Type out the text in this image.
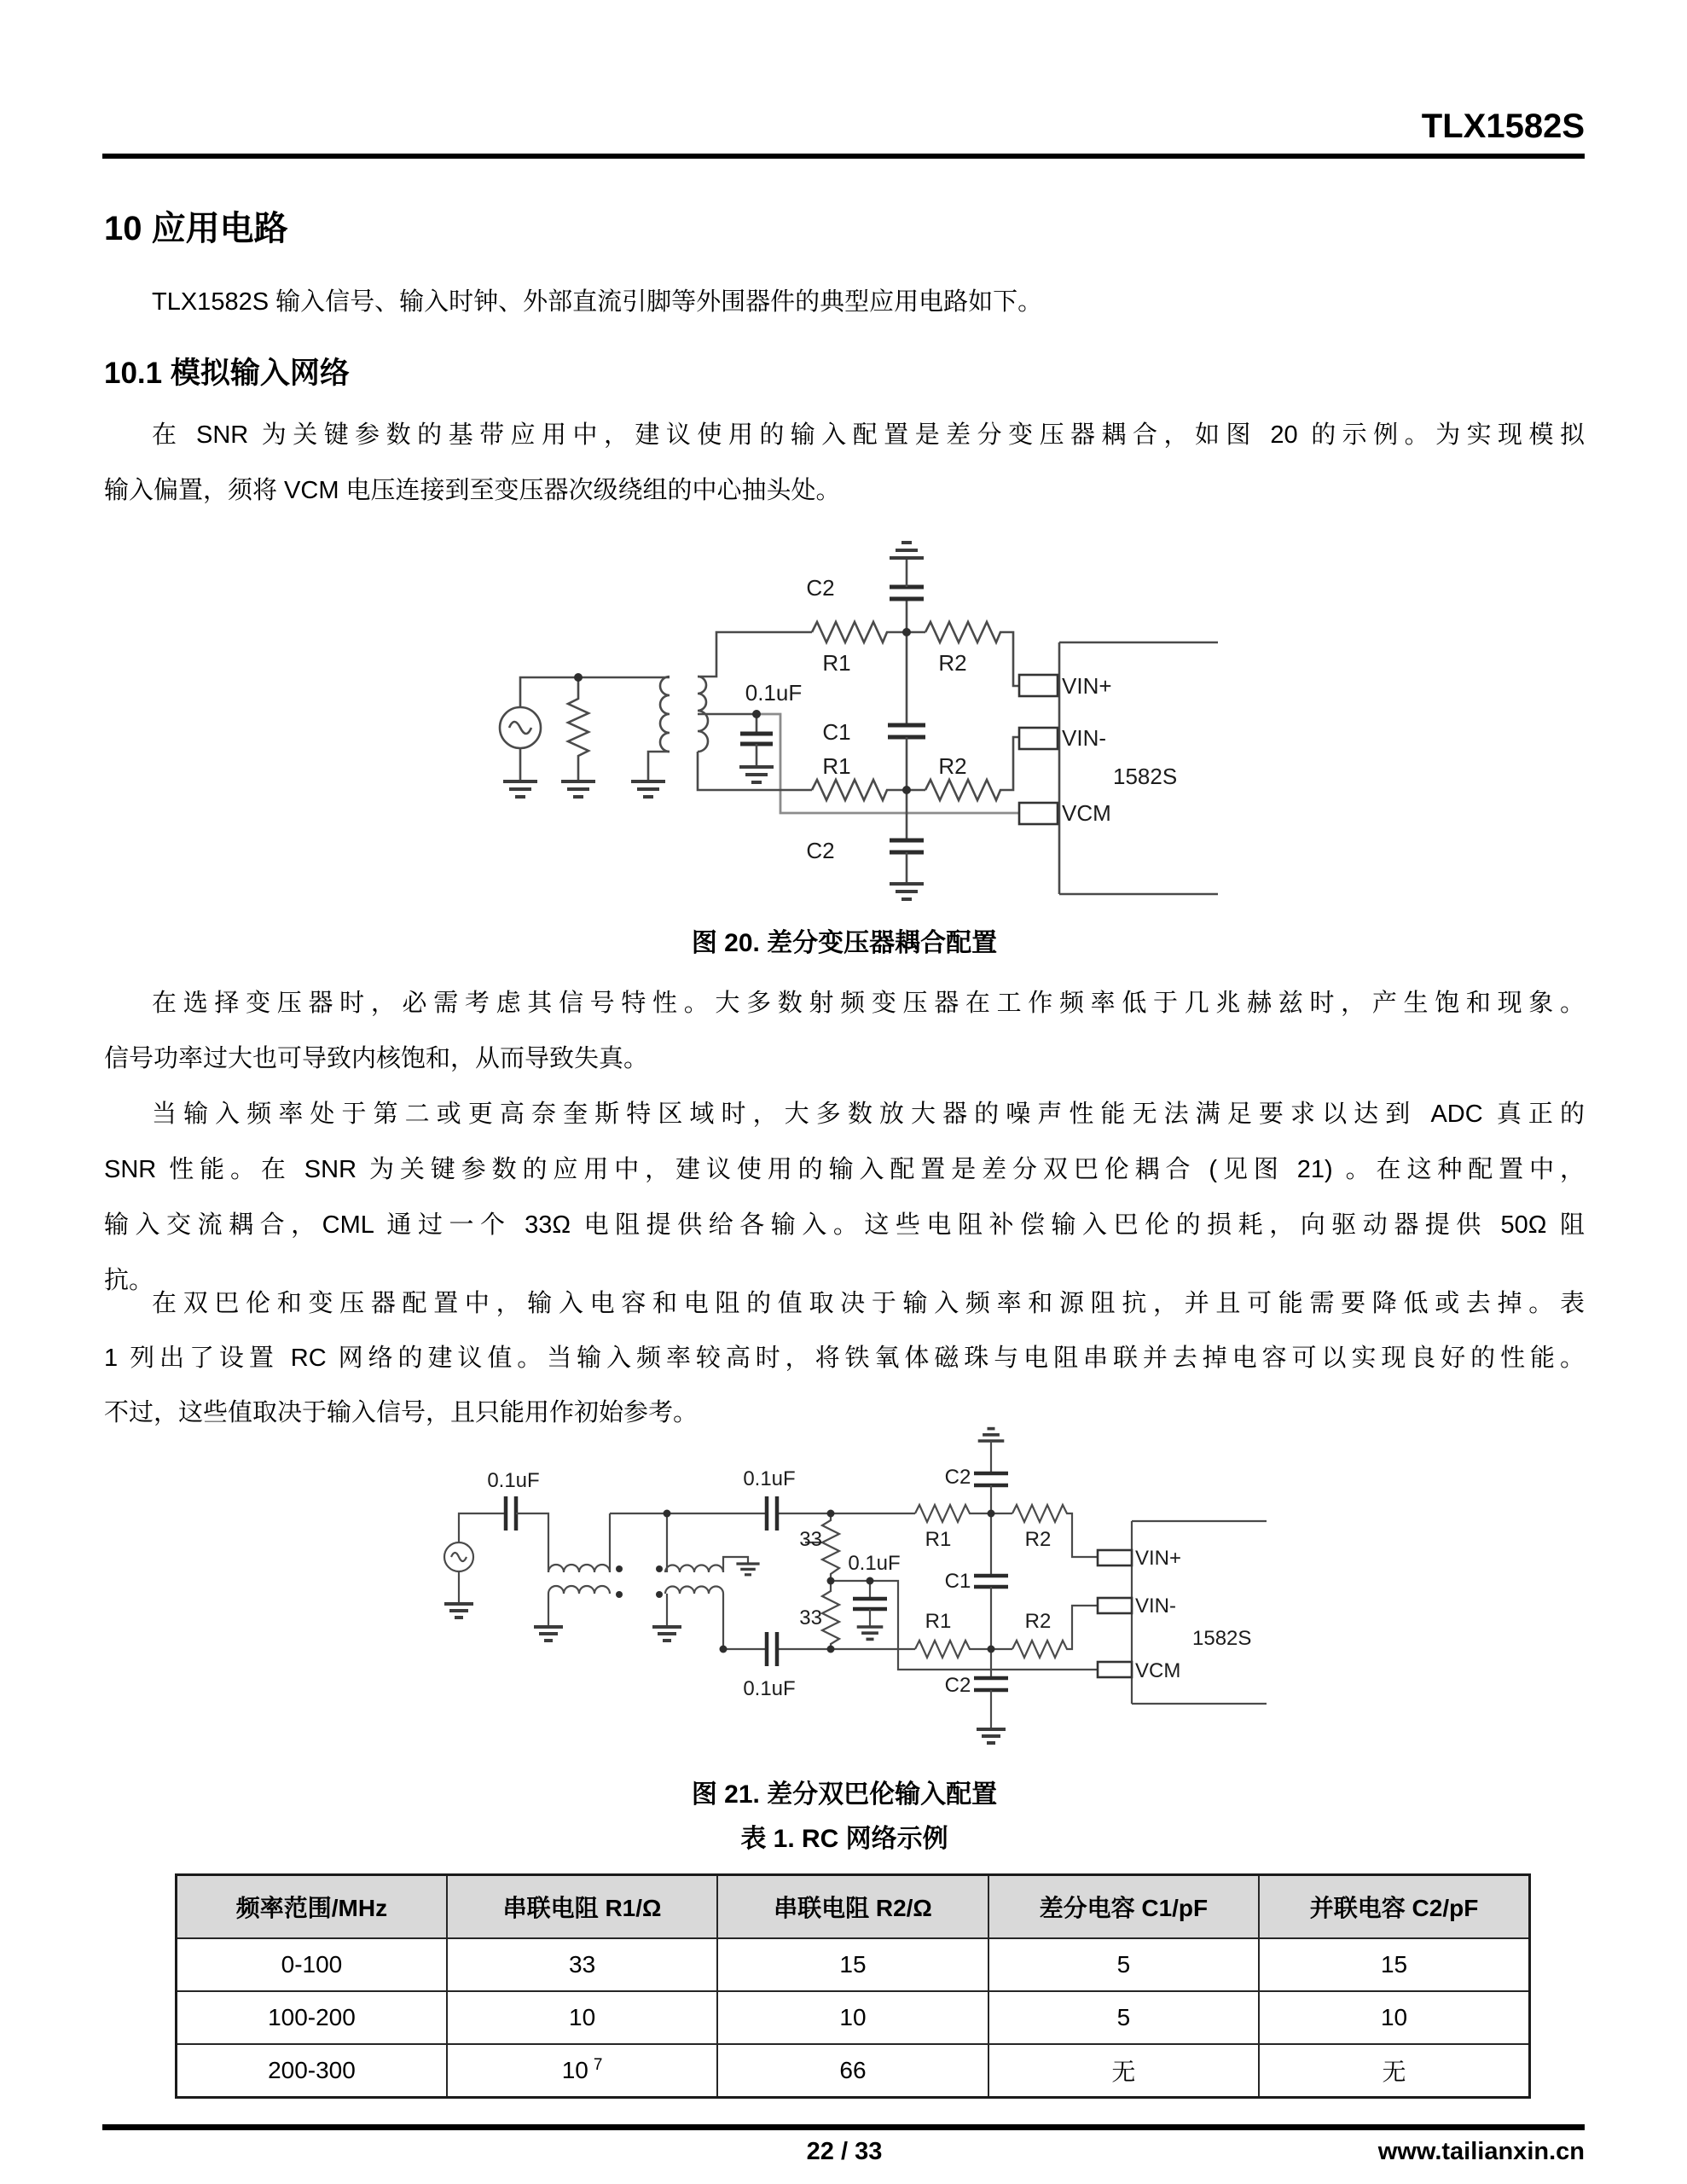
TLX1582S
10 应用电路
TLX1582S 输入信号、输入时钟、外部直流引脚等外围器件的典型应用电路如下。
10.1 模拟输入网络
在 SNR 为关键参数的基带应用中，建议使用的输入配置是差分变压器耦合，如图 20 的示例。为实现模拟
输入偏置，须将 VCM 电压连接到至变压器次级绕组的中心抽头处。
C2
R1	R2
0.1uF
C1
R1	R2
C2
VIN+
VIN-
VCM
1582S
图 20. 差分变压器耦合配置
在选择变压器时，必需考虑其信号特性。大多数射频变压器在工作频率低于几兆赫兹时，产生饱和现象。
信号功率过大也可导致内核饱和，从而导致失真。
当输入频率处于第二或更高奈奎斯特区域时，大多数放大器的噪声性能无法满足要求以达到 ADC 真正的
SNR 性能。在 SNR 为关键参数的应用中，建议使用的输入配置是差分双巴伦耦合 (见图 21) 。在这种配置中，
输入交流耦合，CML 通过一个 33Ω 电阻提供给各输入。这些电阻补偿输入巴伦的损耗，向驱动器提供 50Ω 阻
抗。
在双巴伦和变压器配置中，输入电容和电阻的值取决于输入频率和源阻抗，并且可能需要降低或去掉。表
1 列出了设置 RC 网络的建议值。当输入频率较高时，将铁氧体磁珠与电阻串联并去掉电容可以实现良好的性能。
不过，这些值取决于输入信号，且只能用作初始参考。
0.1uF	0.1uF
0.1uF
C2
33
33
0.1uF
C1
R1	R2
R1	R2
C2
VIN+
VIN-
VCM
1582S
图 21. 差分双巴伦输入配置
表 1. RC 网络示例
频率范围/MHz	串联电阻 R1/Ω	串联电阻 R2/Ω	差分电容 C1/pF	并联电容 C2/pF
0-100	33	15	5	15
100-200	10	10	5	10
200-300	10 $^7$	66	无	无
22 / 33	www.tailianxin.cn
